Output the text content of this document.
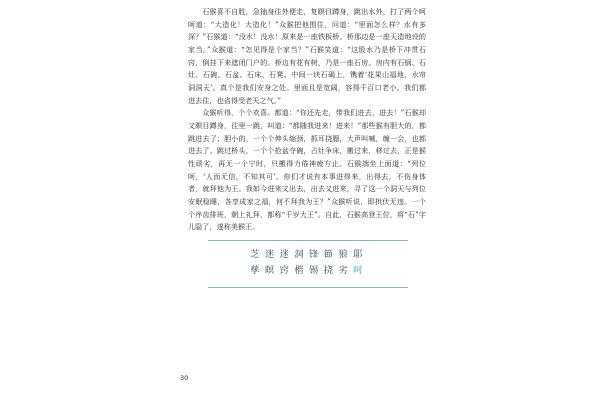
石猴喜不自胜，急抽身往外便走，复瞑目蹲身，跳出水外，打了两个呵呵道：“大造化！大造化！”众猴把他围住，问道：“里面怎么样？水有多深？”石猴道：“没水！没水！原来是一座铁板桥。桥那边是一座天造地设的家当。”众猴道：“怎见得是个家当？”石猴笑道：“这股水乃是桥下冲贯石窍，倒挂下来遮闭门户的。桥边有花有树，乃是一座石房。房内有石锅、石灶、石碗、石盆、石床、石凳。中间一块石碣上，镌着‘花果山福地，水帘洞洞天’。真个是我们安身之处。里面且是宽阔，容得千百口老小。我们都进去住，也省得受老天之气。”

众猴听得，个个欢喜。都道：“你还先走，带我们进去，进去！”石猴却又瞑目蹲身，往里一跳，叫道：“都随我进来！进来！”那些猴有胆大的，都跳进去了；胆小的，一个个伸头缩颈，抓耳挠腮，大声叫喊，缠一会，也都进去了。跳过桥头，一个个抢盆夺碗，占灶争床，搬过来，移过去，正是猴性顽劣，再无一个宁时，只搬得力倦神疲方止。石猴端坐上面道：“列位呵，‘人而无信，不知其可’。你们才说有本事进得来，出得去，不伤身体者，就拜他为王。我如今进来又出去，出去又进来，寻了这一个洞天与列位安眠稳睡，各享成家之福，何不拜我为王？”众猴听说，即拱伏无违。一个个序齿排班，朝上礼拜，都称“千岁大王”。自此，石猴高登王位，将“石”字儿隐了，遂称美猴王。

芝 迷 迷 洞 锋 節 狼 耶
孳 暝 窍 楷 锡 挠 劣 呵
30
